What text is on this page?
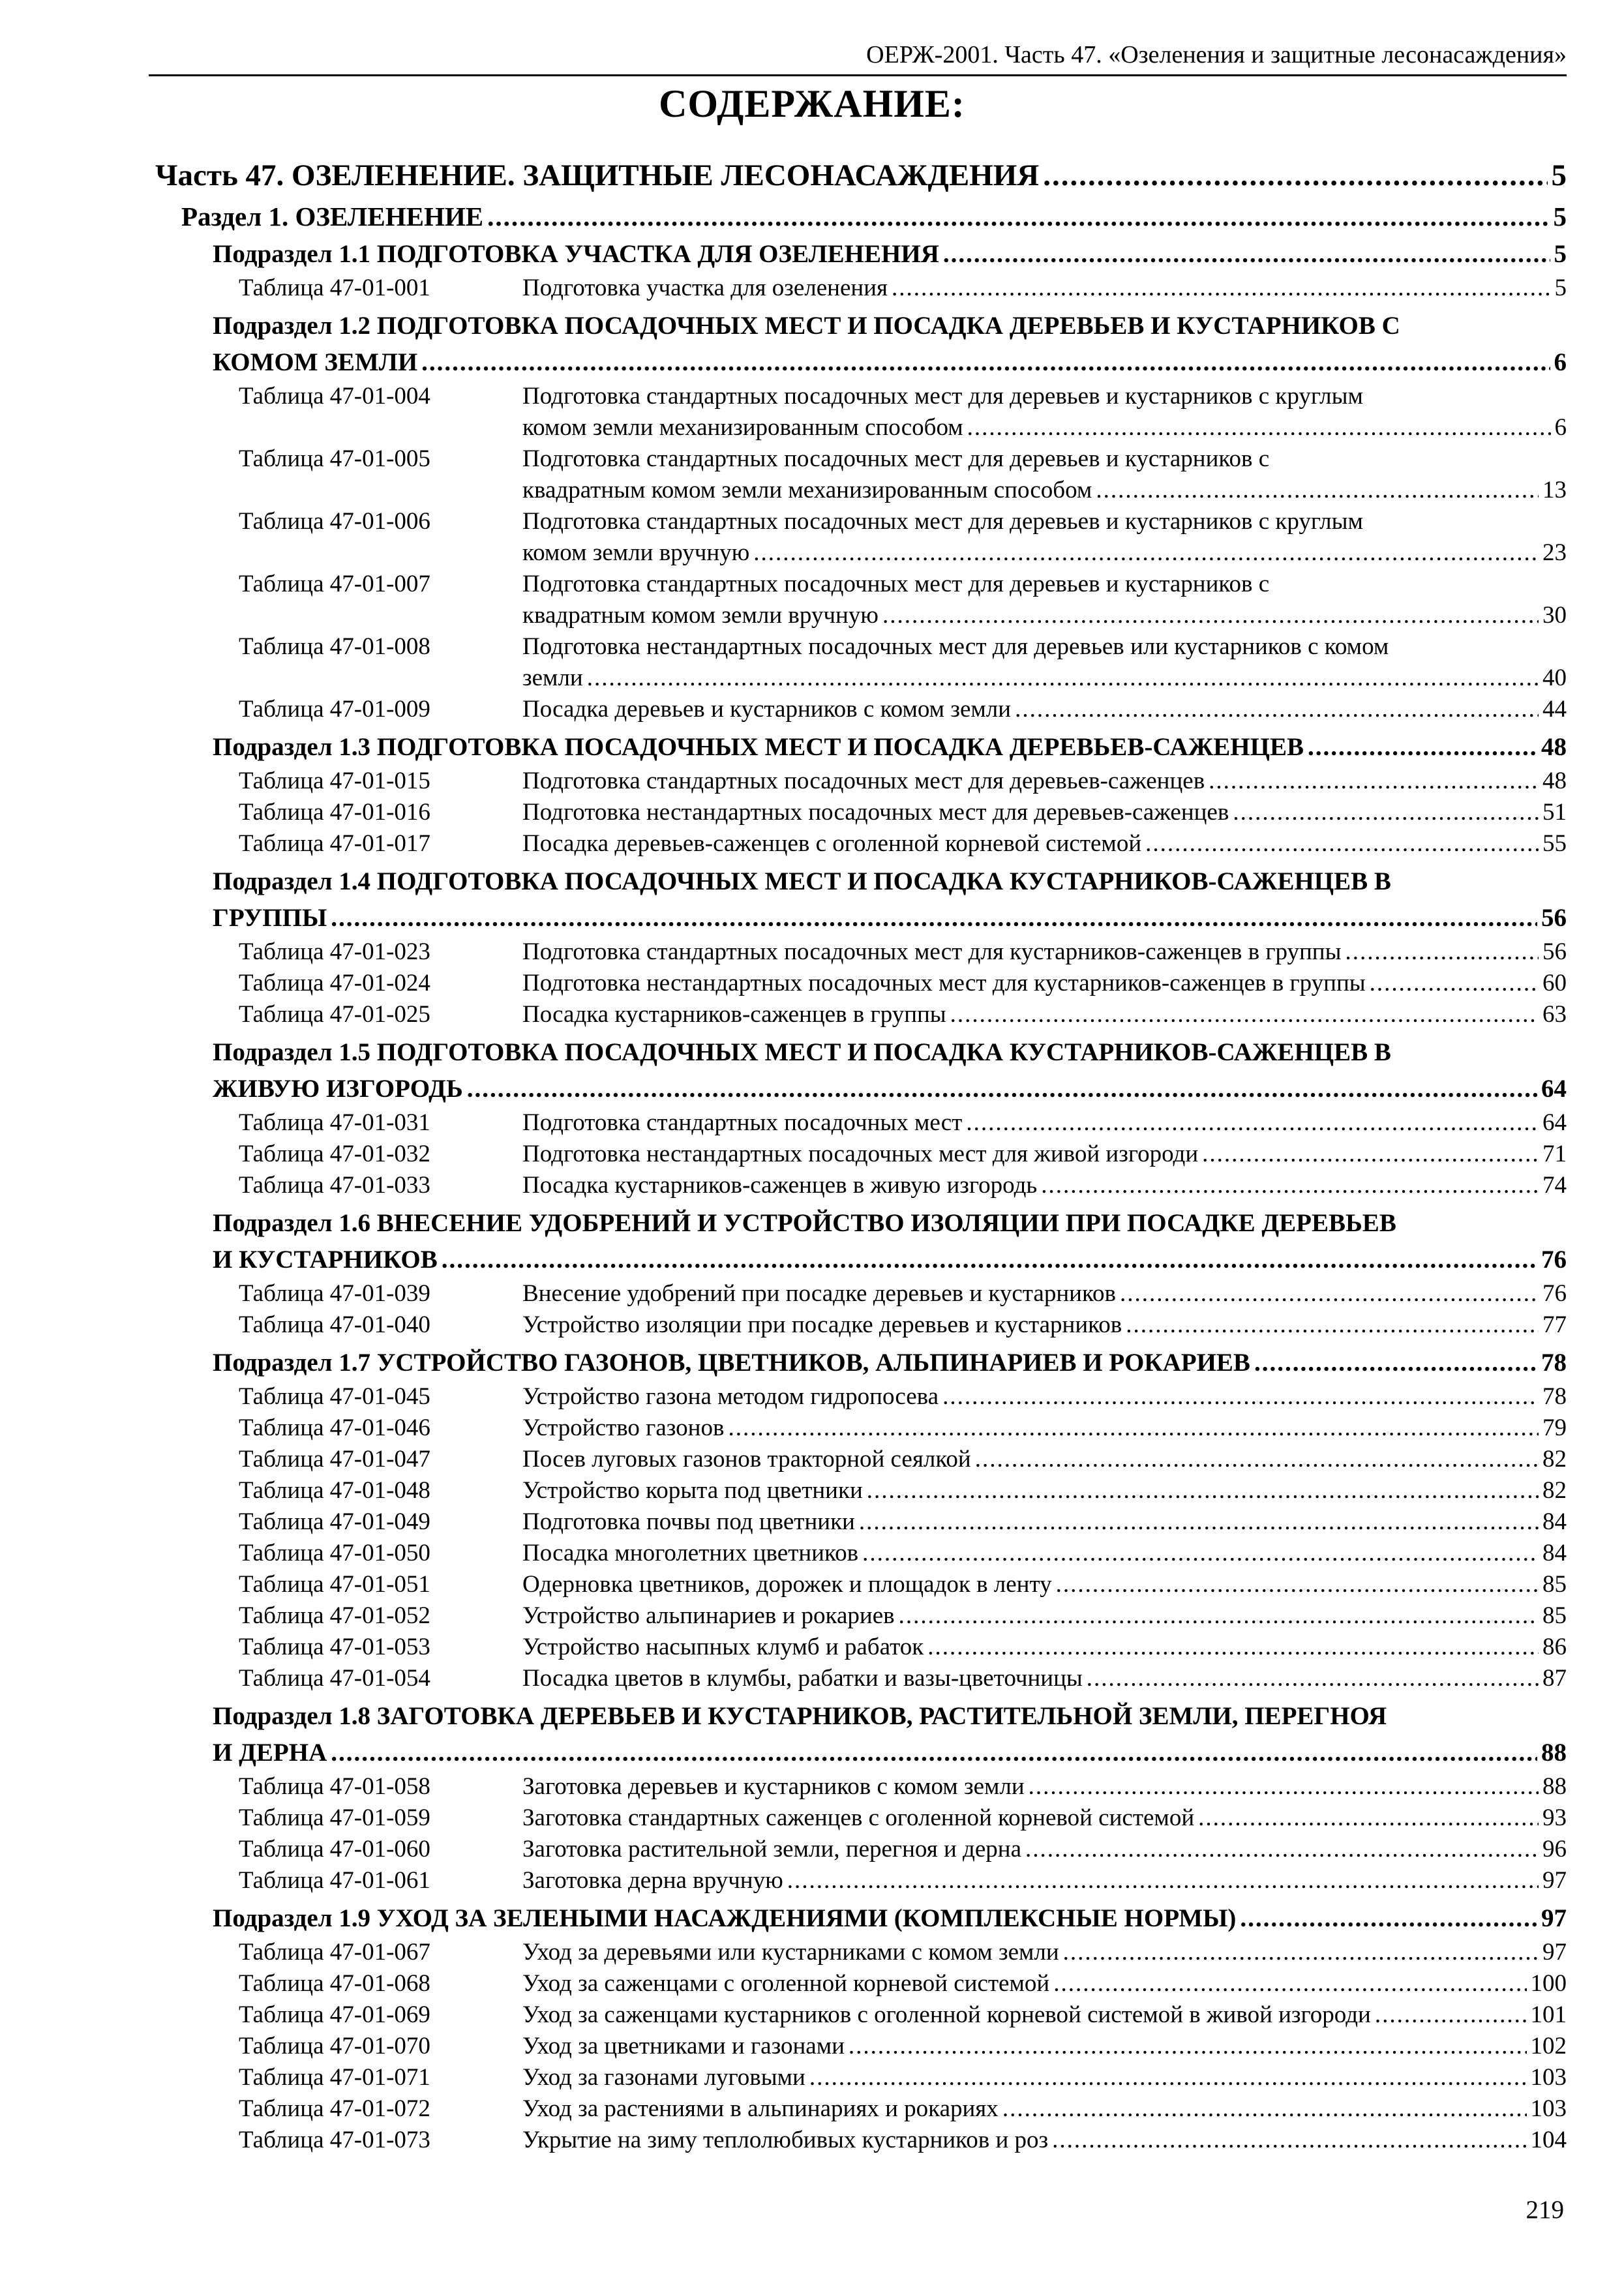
ОЕРЖ-2001. Часть 47. «Озеленения и защитные лесонасаждения»
СОДЕРЖАНИЕ:
Часть 47. ОЗЕЛЕНЕНИЕ. ЗАЩИТНЫЕ ЛЕСОНАСАЖДЕНИЯ .....	5
Раздел 1. ОЗЕЛЕНЕНИЕ .....	5
Подраздел 1.1 ПОДГОТОВКА УЧАСТКА ДЛЯ ОЗЕЛЕНЕНИЯ .....	5
Таблица 47-01-001	Подготовка участка для озеленения .....	5
Подраздел 1.2 ПОДГОТОВКА ПОСАДОЧНЫХ МЕСТ И ПОСАДКА ДЕРЕВЬЕВ И КУСТАРНИКОВ С
КОМОМ ЗЕМЛИ .....	6
Таблица 47-01-004	Подготовка стандартных посадочных мест для деревьев и кустарников с круглым
комом земли механизированным способом .....	6
Таблица 47-01-005	Подготовка стандартных посадочных мест для деревьев и кустарников с
квадратным комом земли механизированным способом .....	13
Таблица 47-01-006	Подготовка стандартных посадочных мест для деревьев и кустарников с круглым
комом земли вручную .....	23
Таблица 47-01-007	Подготовка стандартных посадочных мест для деревьев и кустарников с
квадратным комом земли вручную .....	30
Таблица 47-01-008	Подготовка нестандартных посадочных мест для деревьев или кустарников с комом
земли .....	40
Таблица 47-01-009	Посадка деревьев и кустарников с комом земли .....	44
Подраздел 1.3 ПОДГОТОВКА ПОСАДОЧНЫХ МЕСТ И ПОСАДКА ДЕРЕВЬЕВ-САЖЕНЦЕВ .....	48
Таблица 47-01-015	Подготовка стандартных посадочных мест для деревьев-саженцев .....	48
Таблица 47-01-016	Подготовка нестандартных посадочных мест для деревьев-саженцев .....	51
Таблица 47-01-017	Посадка деревьев-саженцев с оголенной корневой системой .....	55
Подраздел 1.4 ПОДГОТОВКА ПОСАДОЧНЫХ МЕСТ И ПОСАДКА КУСТАРНИКОВ-САЖЕНЦЕВ В
ГРУППЫ .....	56
Таблица 47-01-023	Подготовка стандартных посадочных мест для кустарников-саженцев в группы .....	56
Таблица 47-01-024	Подготовка нестандартных посадочных мест для кустарников-саженцев в группы .....	60
Таблица 47-01-025	Посадка кустарников-саженцев в группы .....	63
Подраздел 1.5 ПОДГОТОВКА ПОСАДОЧНЫХ МЕСТ И ПОСАДКА КУСТАРНИКОВ-САЖЕНЦЕВ В
ЖИВУЮ ИЗГОРОДЬ .....	64
Таблица 47-01-031	Подготовка стандартных посадочных мест .....	64
Таблица 47-01-032	Подготовка нестандартных посадочных мест для живой изгороди .....	71
Таблица 47-01-033	Посадка кустарников-саженцев в живую изгородь .....	74
Подраздел 1.6 ВНЕСЕНИЕ УДОБРЕНИЙ И УСТРОЙСТВО ИЗОЛЯЦИИ ПРИ ПОСАДКЕ ДЕРЕВЬЕВ
И КУСТАРНИКОВ .....	76
Таблица 47-01-039	Внесение удобрений при посадке деревьев и кустарников .....	76
Таблица 47-01-040	Устройство изоляции при посадке деревьев и кустарников .....	77
Подраздел 1.7 УСТРОЙСТВО ГАЗОНОВ, ЦВЕТНИКОВ, АЛЬПИНАРИЕВ И РОКАРИЕВ .....	78
Таблица 47-01-045	Устройство газона методом гидропосева .....	78
Таблица 47-01-046	Устройство газонов .....	79
Таблица 47-01-047	Посев луговых газонов тракторной сеялкой .....	82
Таблица 47-01-048	Устройство корыта под цветники .....	82
Таблица 47-01-049	Подготовка почвы под цветники .....	84
Таблица 47-01-050	Посадка многолетних цветников .....	84
Таблица 47-01-051	Одерновка цветников, дорожек и площадок в ленту .....	85
Таблица 47-01-052	Устройство альпинариев и рокариев .....	85
Таблица 47-01-053	Устройство насыпных клумб и рабаток .....	86
Таблица 47-01-054	Посадка цветов в клумбы, рабатки и вазы-цветочницы .....	87
Подраздел 1.8 ЗАГОТОВКА ДЕРЕВЬЕВ И КУСТАРНИКОВ, РАСТИТЕЛЬНОЙ ЗЕМЛИ, ПЕРЕГНОЯ
И ДЕРНА .....	88
Таблица 47-01-058	Заготовка деревьев и кустарников с комом земли .....	88
Таблица 47-01-059	Заготовка стандартных саженцев с оголенной корневой системой .....	93
Таблица 47-01-060	Заготовка растительной земли, перегноя и дерна .....	96
Таблица 47-01-061	Заготовка дерна вручную .....	97
Подраздел 1.9 УХОД ЗА ЗЕЛЕНЫМИ НАСАЖДЕНИЯМИ (КОМПЛЕКСНЫЕ НОРМЫ) .....	97
Таблица 47-01-067	Уход за деревьями или кустарниками с комом земли .....	97
Таблица 47-01-068	Уход за саженцами с оголенной корневой системой .....	100
Таблица 47-01-069	Уход за саженцами кустарников с оголенной корневой системой в живой изгороди .....	101
Таблица 47-01-070	Уход за цветниками и газонами .....	102
Таблица 47-01-071	Уход за газонами луговыми .....	103
Таблица 47-01-072	Уход за растениями в альпинариях и рокариях .....	103
Таблица 47-01-073	Укрытие на зиму теплолюбивых кустарников и роз .....	104
219
